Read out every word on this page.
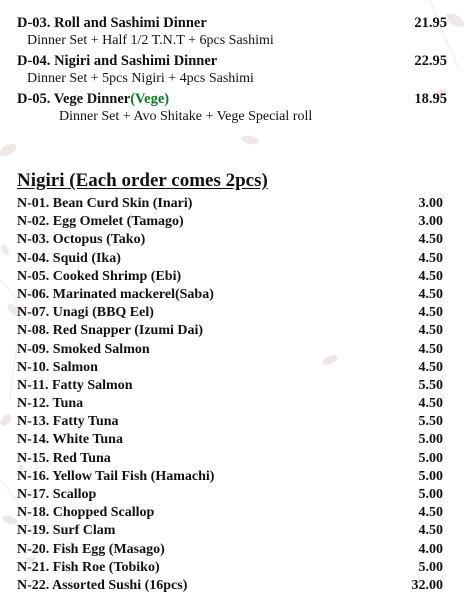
D-03. Roll and Sashimi Dinner	21.95
Dinner Set + Half 1/2 T.N.T + 6pcs Sashimi
D-04. Nigiri and Sashimi Dinner	22.95
Dinner Set + 5pcs Nigiri + 4pcs Sashimi
D-05. Vege Dinner(Vege)	18.95
Dinner Set + Avo Shitake + Vege Special roll
Nigiri (Each order comes 2pcs)
N-01. Bean Curd Skin (Inari)	3.00
N-02. Egg Omelet (Tamago)	3.00
N-03. Octopus (Tako)	4.50
N-04. Squid (Ika)	4.50
N-05. Cooked Shrimp (Ebi)	4.50
N-06. Marinated mackerel(Saba)	4.50
N-07. Unagi (BBQ Eel)	4.50
N-08. Red Snapper (Izumi Dai)	4.50
N-09. Smoked Salmon	4.50
N-10. Salmon	4.50
N-11. Fatty Salmon	5.50
N-12. Tuna	4.50
N-13. Fatty Tuna	5.50
N-14. White Tuna	5.00
N-15. Red Tuna	5.00
N-16. Yellow Tail Fish (Hamachi)	5.00
N-17. Scallop	5.00
N-18. Chopped Scallop	4.50
N-19. Surf Clam	4.50
N-20. Fish Egg (Masago)	4.00
N-21. Fish Roe (Tobiko)	5.00
N-22. Assorted Sushi (16pcs)	32.00
